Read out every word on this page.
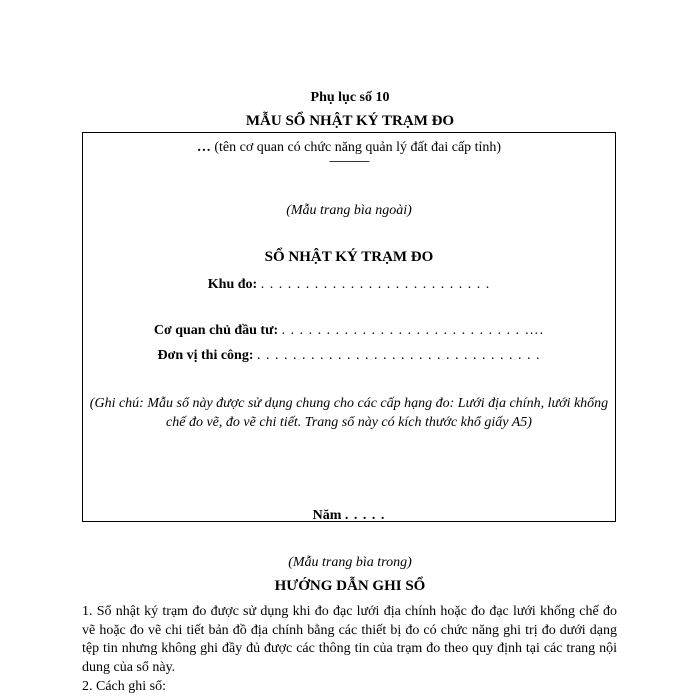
Phụ lục số 10
MẪU SỔ NHẬT KÝ TRẠM ĐO
… (tên cơ quan có chức năng quản lý đất đai cấp tỉnh)
---------------
(Mẫu trang bìa ngoài)
SỔ NHẬT KÝ TRẠM ĐO
Khu đo: . . . . . . . . . . . . . . . . . . . . . . . . . .
Cơ quan chủ đầu tư: . . . . . . . . . . . . . . . . . . . . . . . . . . . ….
Đơn vị thi công: . . . . . . . . . . . . . . . . . . . . . . . . . . . . . . . .
(Ghi chú: Mẫu sổ này được sử dụng chung cho các cấp hạng đo: Lưới địa chính, lưới khống chế đo vẽ, đo vẽ chi tiết. Trang sổ này có kích thước khổ giấy A5)
Năm . . . . .
(Mẫu trang bìa trong)
HƯỚNG DẪN GHI SỔ
1. Sổ nhật ký trạm đo được sử dụng khi đo đạc lưới địa chính hoặc đo đạc lưới khống chế đo vẽ hoặc đo vẽ chi tiết bản đồ địa chính bằng các thiết bị đo có chức năng ghi trị đo dưới dạng tệp tin nhưng không ghi đầy đủ được các thông tin của trạm đo theo quy định tại các trang nội dung của sổ này.
2. Cách ghi sổ:
